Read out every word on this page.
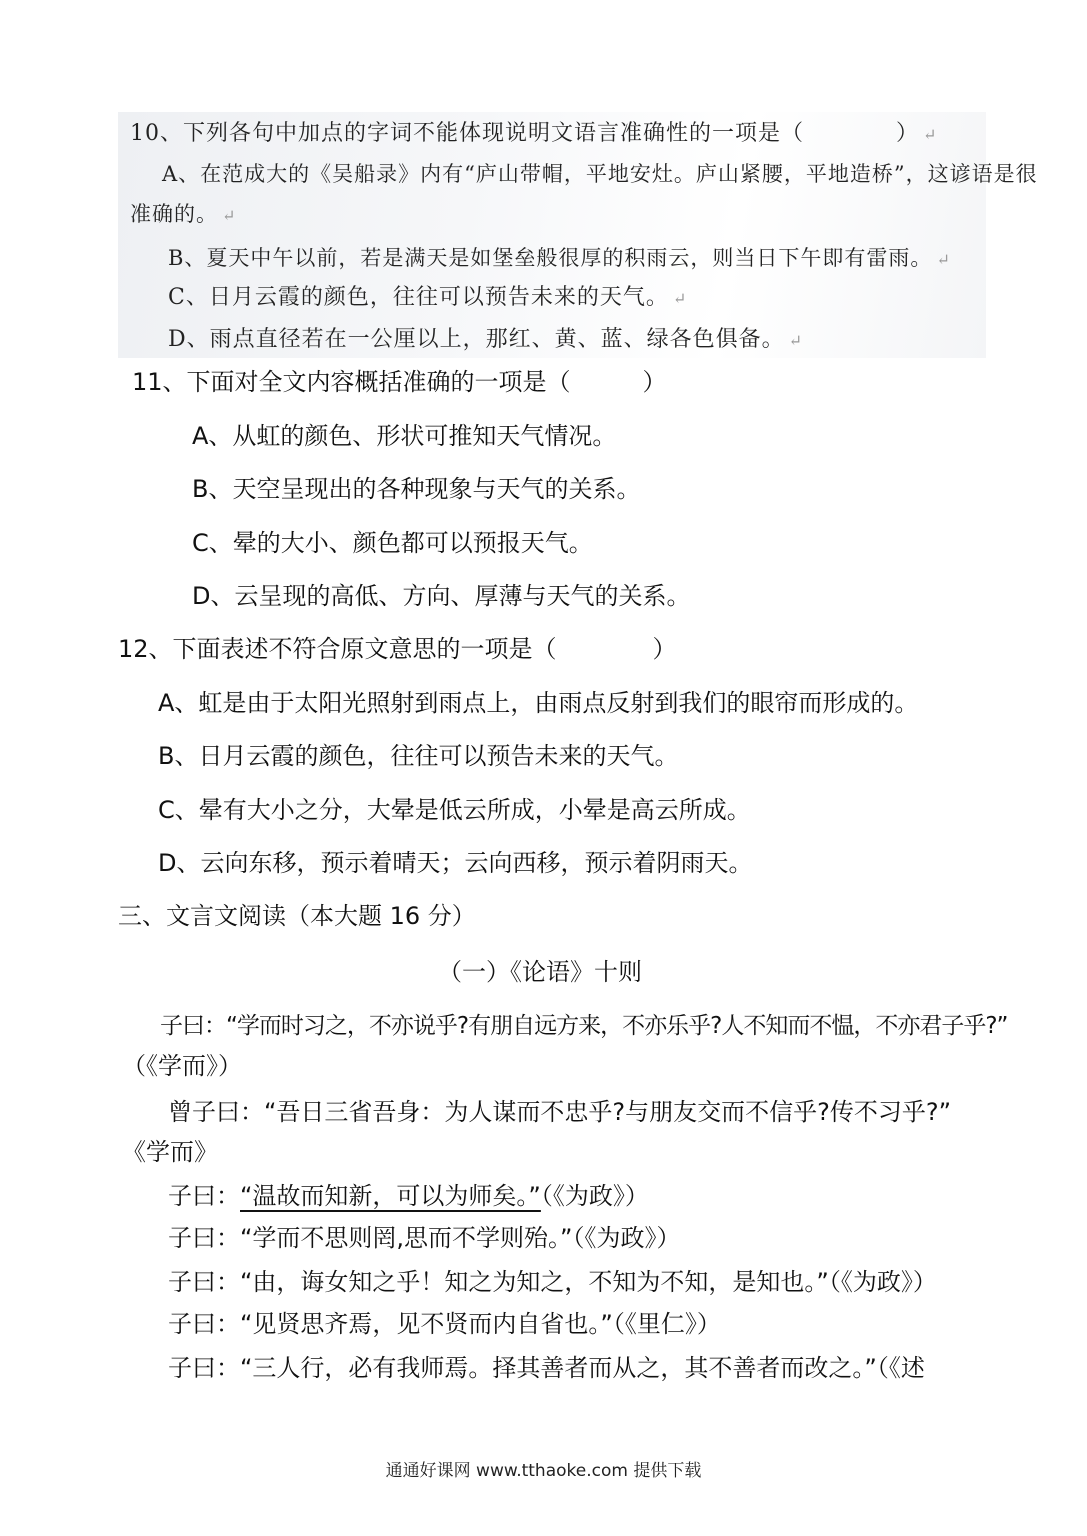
10、下列各句中加点的字词不能体现说明文语言准确性的一项是（　　　　） ↵
A、在范成大的《吴船录》内有“庐山带帽，平地安灶。庐山紧腰，平地造桥”，这谚语是很
准确的。 ↵
B、夏天中午以前，若是满天是如堡垒般很厚的积雨云，则当日下午即有雷雨。 ↵
C、日月云霞的颜色，往往可以预告未来的天气。 ↵
D、雨点直径若在一公厘以上，那红、黄、蓝、绿各色俱备。 ↵
11、下面对全文内容概括准确的一项是（　　　）
A、从虹的颜色、形状可推知天气情况。
B、天空呈现出的各种现象与天气的关系。
C、晕的大小、颜色都可以预报天气。
D、云呈现的高低、方向、厚薄与天气的关系。
12、下面表述不符合原文意思的一项是（　　　　）
A、虹是由于太阳光照射到雨点上，由雨点反射到我们的眼帘而形成的。
B、日月云霞的颜色，往往可以预告未来的天气。
C、晕有大小之分，大晕是低云所成，小晕是高云所成。
D、云向东移，预示着晴天；云向西移，预示着阴雨天。
三、文言文阅读（本大题 16 分）
（一）《论语》十则
子曰：“学而时习之，不亦说乎?有朋自远方来，不亦乐乎?人不知而不愠，不亦君子乎?”
（《学而》）
曾子曰：“吾日三省吾身：为人谋而不忠乎?与朋友交而不信乎?传不习乎?”
《学而》
子曰：“温故而知新，可以为师矣。”（《为政》）
子曰：“学而不思则罔,思而不学则殆。”（《为政》）
子曰：“由，诲女知之乎！知之为知之，不知为不知，是知也。”（《为政》）
子曰：“见贤思齐焉，见不贤而内自省也。”（《里仁》）
子曰：“三人行，必有我师焉。择其善者而从之，其不善者而改之。”（《述
通通好课网 www.tthaoke.com 提供下载
